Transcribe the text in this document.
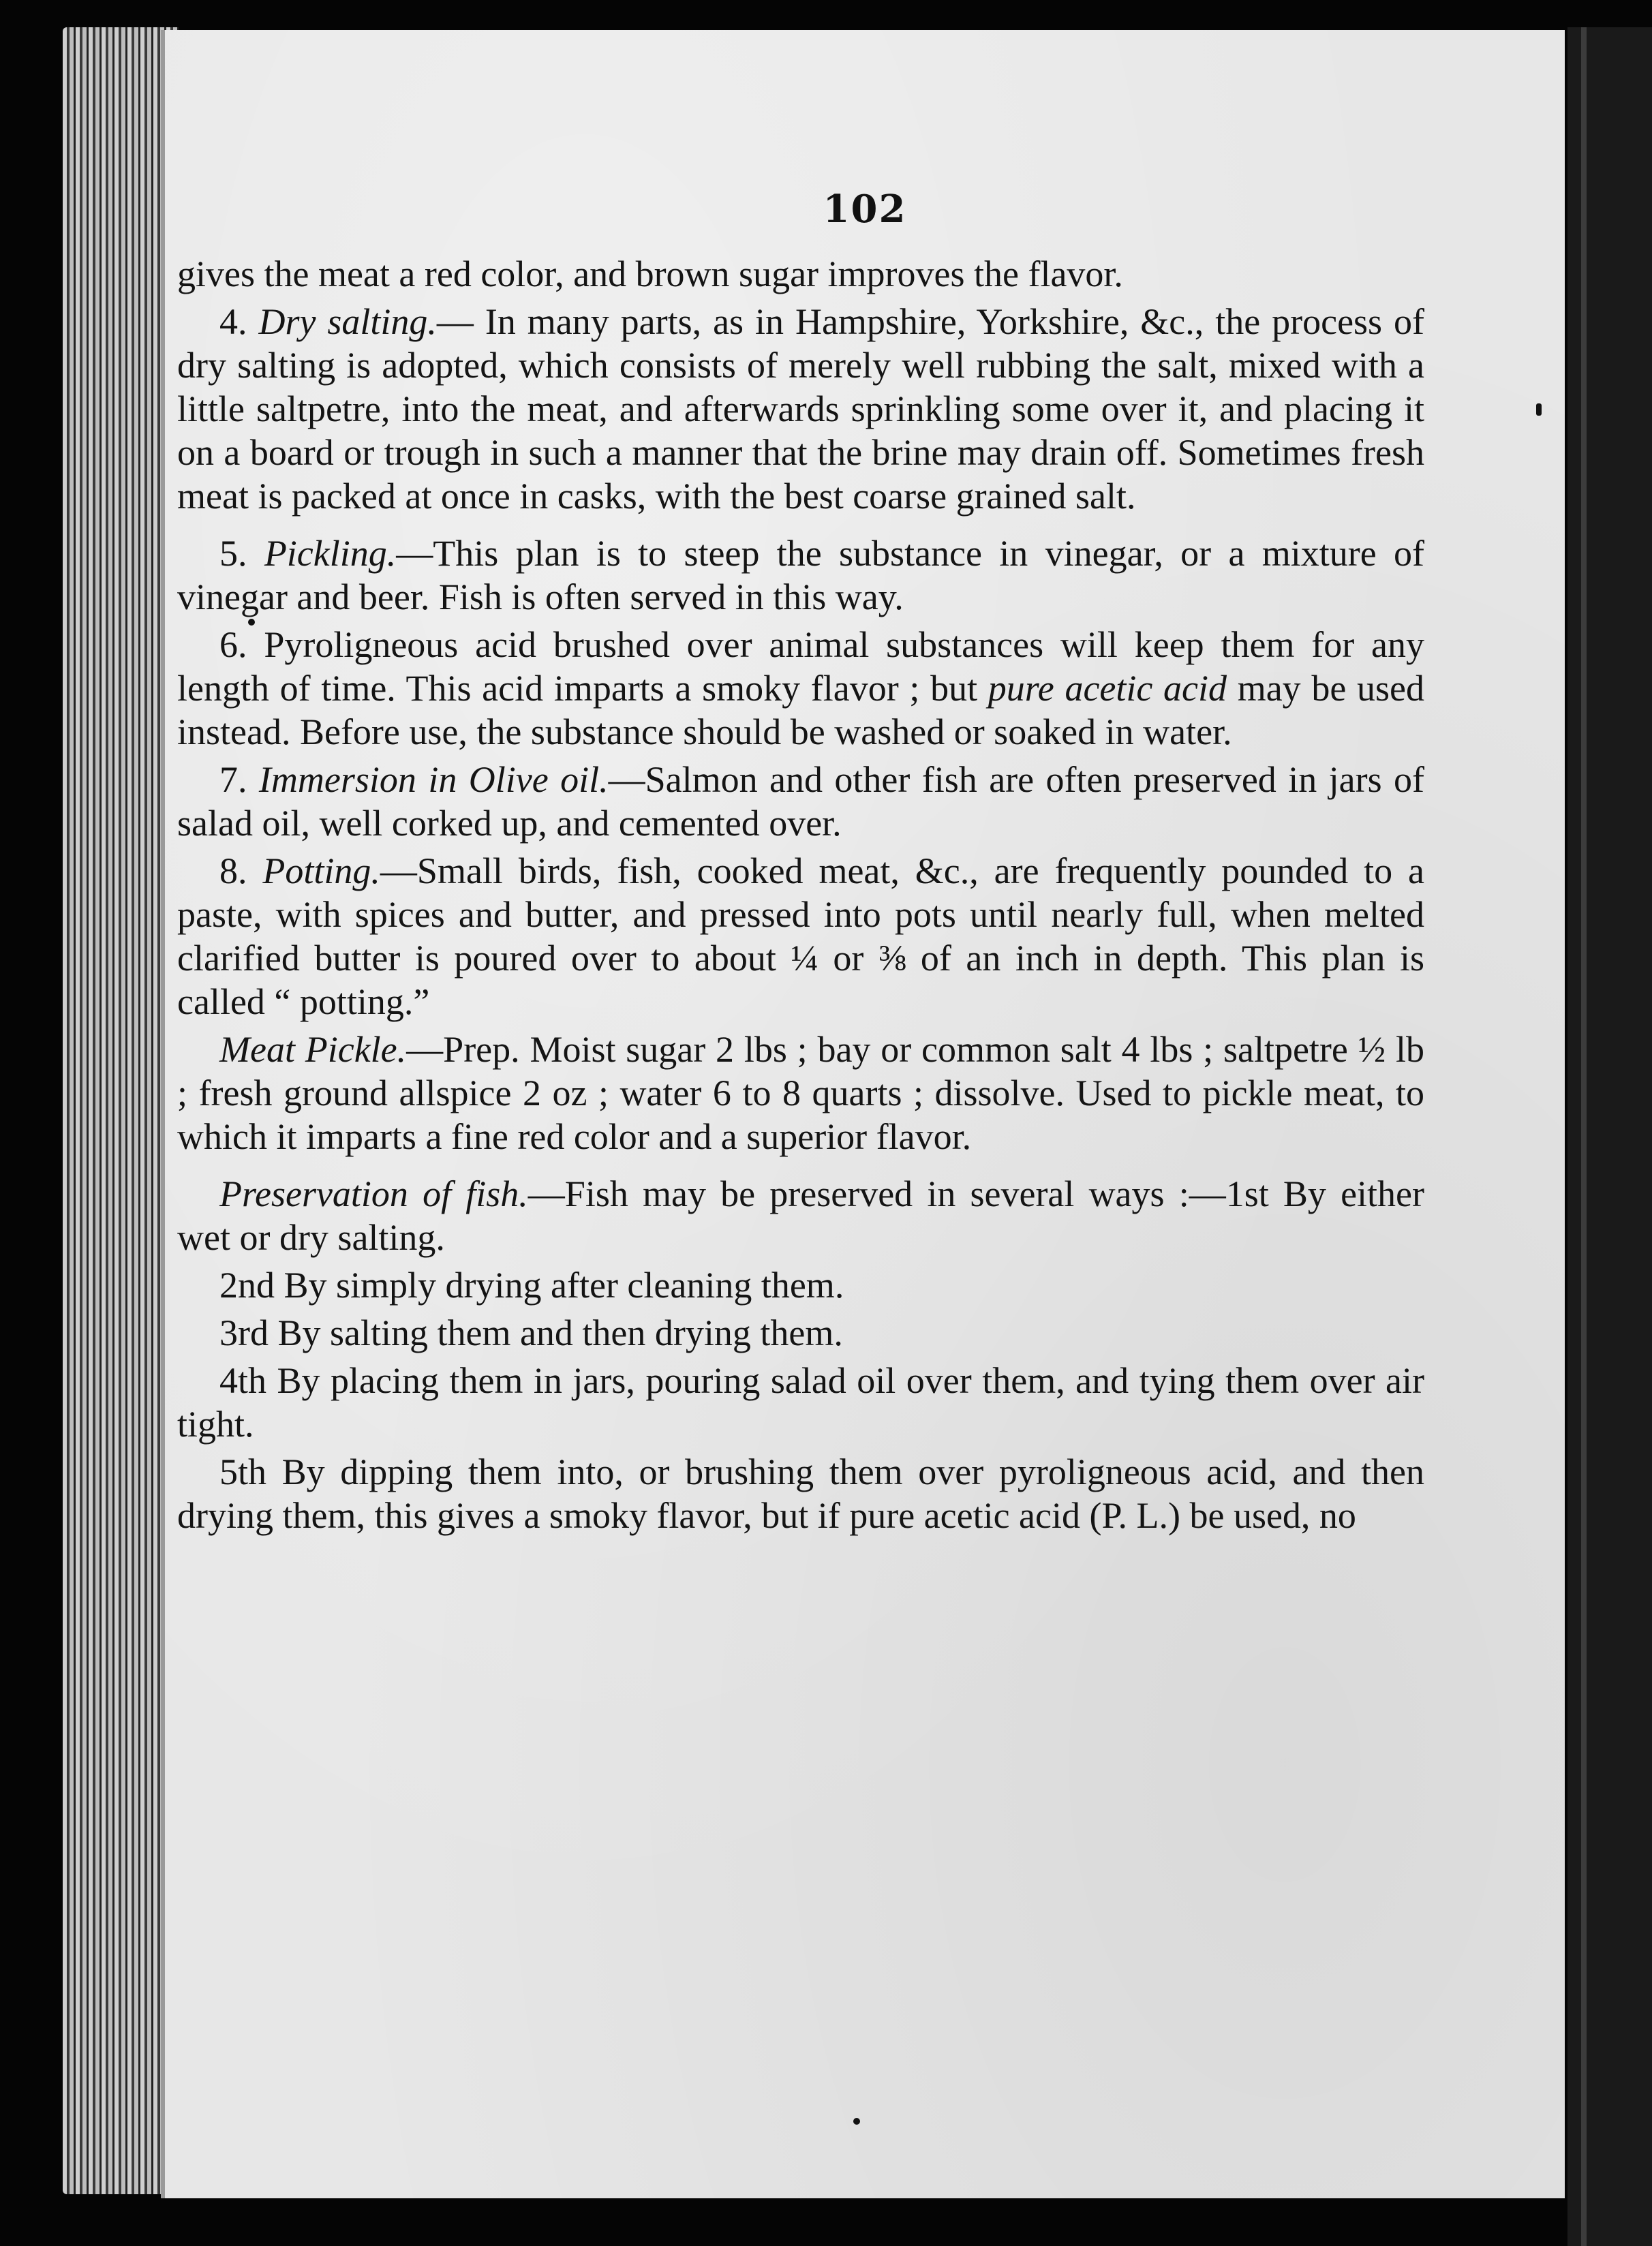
102

gives the meat a red color, and brown sugar improves the flavor.

4. Dry salting.— In many parts, as in Hampshire, Yorkshire, &c., the process of dry salting is adopted, which consists of merely well rubbing the salt, mixed with a little saltpetre, into the meat, and afterwards sprinkling some over it, and placing it on a board or trough in such a manner that the brine may drain off. Sometimes fresh meat is packed at once in casks, with the best coarse grained salt.

5. Pickling.—This plan is to steep the substance in vinegar, or a mixture of vinegar and beer. Fish is often served in this way.

6. Pyroligneous acid brushed over animal substances will keep them for any length of time. This acid imparts a smoky flavor ; but pure acetic acid may be used instead. Before use, the substance should be washed or soaked in water.

7. Immersion in Olive oil.—Salmon and other fish are often preserved in jars of salad oil, well corked up, and cemented over.

8. Potting.—Small birds, fish, cooked meat, &c., are frequently pounded to a paste, with spices and butter, and pressed into pots until nearly full, when melted clarified butter is poured over to about ¼ or ⅜ of an inch in depth. This plan is called “ potting.”

Meat Pickle.—Prep. Moist sugar 2 lbs ; bay or common salt 4 lbs ; saltpetre ½ lb ; fresh ground allspice 2 oz ; water 6 to 8 quarts ; dissolve. Used to pickle meat, to which it imparts a fine red color and a superior flavor.

Preservation of fish.—Fish may be preserved in several ways :—1st By either wet or dry salting.

2nd By simply drying after cleaning them.

3rd By salting them and then drying them.

4th By placing them in jars, pouring salad oil over them, and tying them over air tight.

5th By dipping them into, or brushing them over pyroligneous acid, and then drying them, this gives a smoky flavor, but if pure acetic acid (P. L.) be used, no
